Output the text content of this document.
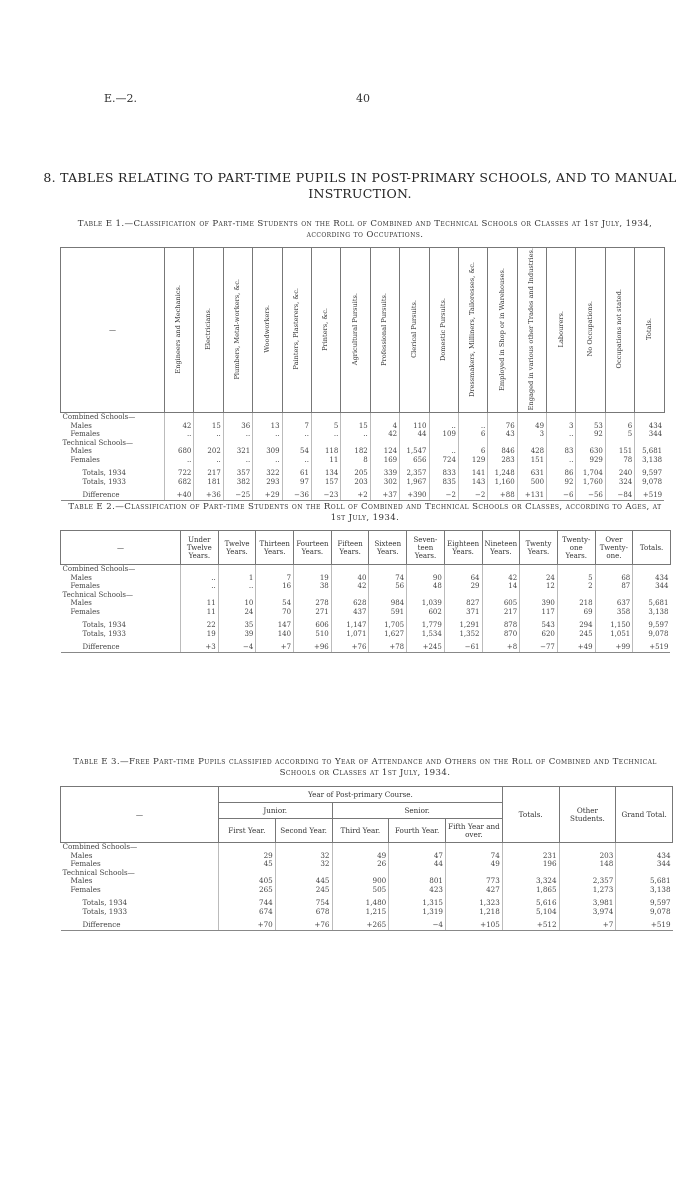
E.—2.	40
8. TABLES RELATING TO PART-TIME PUPILS IN POST-PRIMARY SCHOOLS, AND TO MANUAL INSTRUCTION.
Table E 1.—Classification of Part-time Students on the Roll of Combined and Technical Schools or Classes at 1st July, 1934, according to Occupations.
—	Engineers and Mechanics.	Electricians.	Plumbers, Metal-workers, &c.	Woodworkers.	Painters, Plasterers, &c.	Printers, &c.	Agricultural Pursuits.	Professional Pursuits.	Clerical Pursuits.	Domestic Pursuits.	Dressmakers, Milliners, Tailoresses, &c.	Employed in Shop or in Warehouses.	Engaged in various other Trades and Industries.	Labourers.	No Occupations.	Occupations not stated.	Totals.
Combined Schools—																	
Males	42	15	36	13	7	5	15	4	110	..	..	76	49	3	53	6	434
Females	..	..	..	..	..	..	..	42	44	109	6	43	3	..	92	5	344
Technical Schools—																	
Males	680	202	321	309	54	118	182	124	1,547	..	6	846	428	83	630	151	5,681
Females	..	..	..	..	..	11	8	169	656	724	129	283	151	..	929	78	3,138

Totals, 1934	722	217	357	322	61	134	205	339	2,357	833	141	1,248	631	86	1,704	240	9,597
Totals, 1933	682	181	382	293	97	157	203	302	1,967	835	143	1,160	500	92	1,760	324	9,078

Difference	+40	+36	−25	+29	−36	−23	+2	+37	+390	−2	−2	+88	+131	−6	−56	−84	+519
Table E 2.—Classification of Part-time Students on the Roll of Combined and Technical Schools or Classes, according to Ages, at 1st July, 1934.
—	Under Twelve Years.	Twelve Years.	Thirteen Years.	Fourteen Years.	Fifteen Years.	Sixteen Years.	Seven-teen Years.	Eighteen Years.	Nineteen Years.	Twenty Years.	Twenty-one Years.	Over Twenty-one.	Totals.
Combined Schools—													
Males	..	1	7	19	40	74	90	64	42	24	5	68	434
Females	..	..	16	38	42	56	48	29	14	12	2	87	344
Technical Schools—													
Males	11	10	54	278	628	984	1,039	827	605	390	218	637	5,681
Females	11	24	70	271	437	591	602	371	217	117	69	358	3,138

Totals, 1934	22	35	147	606	1,147	1,705	1,779	1,291	878	543	294	1,150	9,597
Totals, 1933	19	39	140	510	1,071	1,627	1,534	1,352	870	620	245	1,051	9,078

Difference	+3	−4	+7	+96	+76	+78	+245	−61	+8	−77	+49	+99	+519
Table E 3.—Free Part-time Pupils classified according to Year of Attendance and Others on the Roll of Combined and Technical Schools or Classes at 1st July, 1934.
—	Year of Post-primary Course.					Totals.	Other Students.	Grand Total.
	Junior.		Senior.					
	First Year.	Second Year.	Third Year.	Fourth Year.	Fifth Year and over.			
Combined Schools—								
Males	29	32	49	47	74	231	203	434
Females	45	32	26	44	49	196	148	344
Technical Schools—								
Males	405	445	900	801	773	3,324	2,357	5,681
Females	265	245	505	423	427	1,865	1,273	3,138

Totals, 1934	744	754	1,480	1,315	1,323	5,616	3,981	9,597
Totals, 1933	674	678	1,215	1,319	1,218	5,104	3,974	9,078

Difference	+70	+76	+265	−4	+105	+512	+7	+519
